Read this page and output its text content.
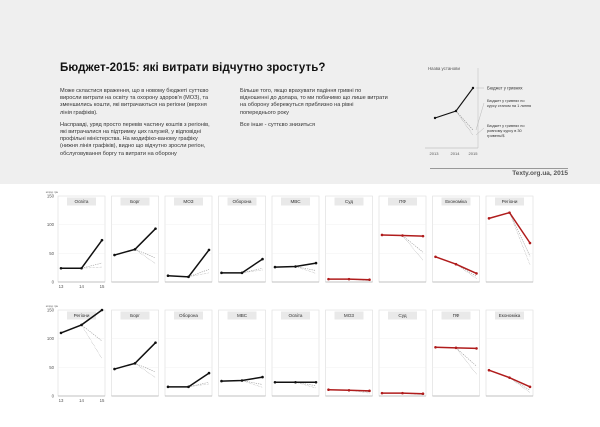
Бюджет-2015: які витрати відчутно зростуть?

Може скластися враження, що в новому бюджеті суттєво виросли витрати на освіту та охорону здоров'я (МОЗ), та зменшились кошти, які витрачаються на регіони (верхня лінія графіків).

Насправді, уряд просто перевів частину коштів з регіонів, які витрачалися на підтримку цих галузей, у відповідні профільні міністерства. На модифіко-ваному графіку (нижня лінія графіків), видно що відчутно зросли регіон, обслуговування боргу та витрати на оборону

Більше того, якщо врахувати падіння гривні по відношенні до долара, то ми побачимо що лише витрати на оборону збережуться приблизно на рівні попереднього року

Все інше - суттєво знизиться

Назва установи
Бюджет у гривнях
Бюджет у гривнях по курсу станом на 1 липня
Бюджет у гривнях по ровному курсу в 30 гривень/$
2013	2014 2015
Texty.org.ua, 2015
млрд грн
0
50
100
150
Освіта
13	14	15
Борг	МОЗ	Оборона	МВС	Суд	ПФ	Економіка	Регіони
млрд грн
0
50
100
150
Регіони
13	14	15
Борг	Оборона	МВС	Освіта	МОЗ	Суд	ПФ	Економіка
